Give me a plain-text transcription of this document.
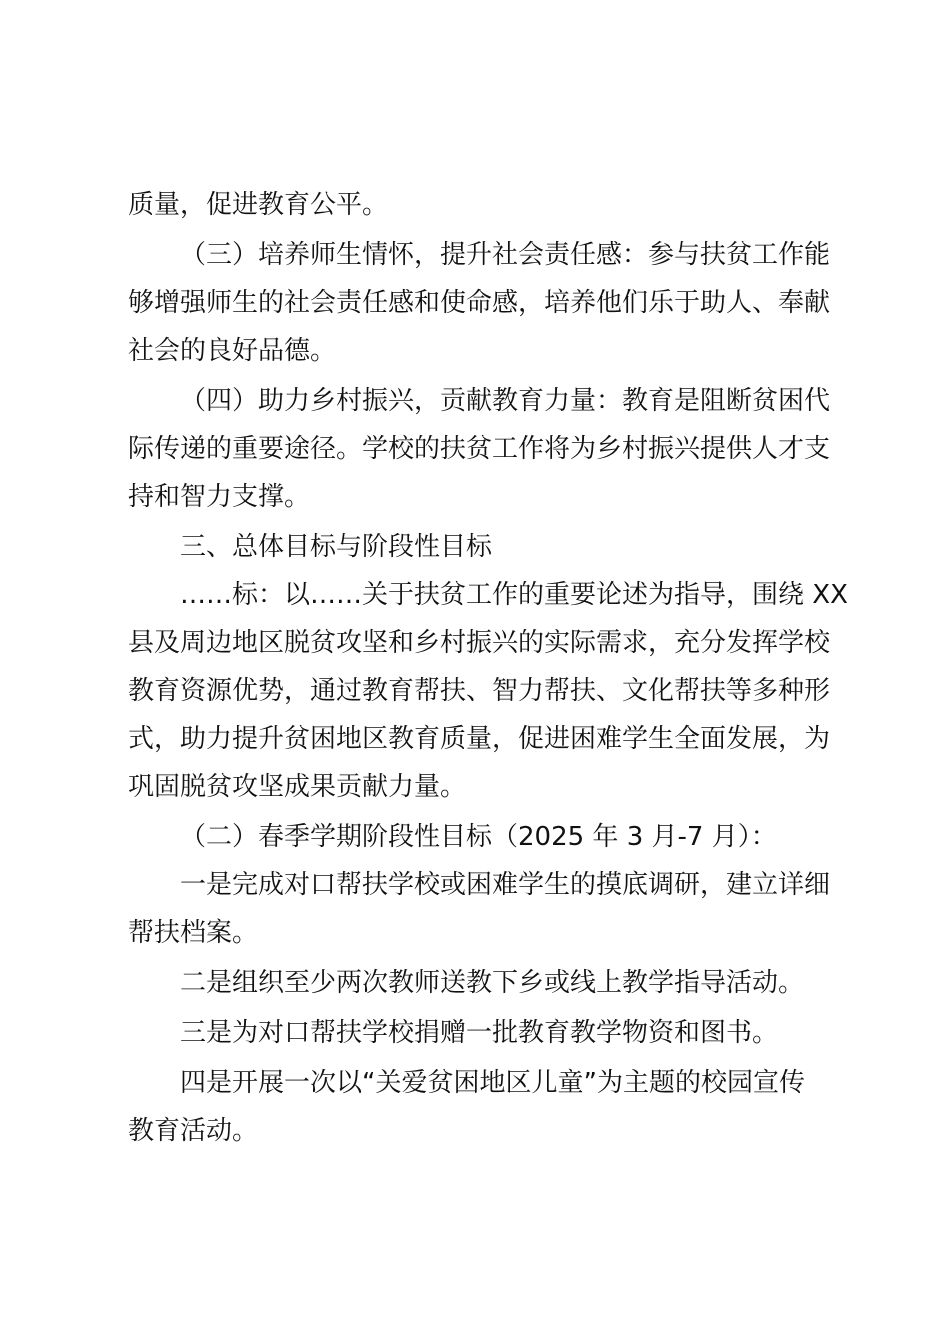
质量，促进教育公平。

（三）培养师生情怀，提升社会责任感：参与扶贫工作能

够增强师生的社会责任感和使命感，培养他们乐于助人、奉献

社会的良好品德。

（四）助力乡村振兴，贡献教育力量：教育是阻断贫困代

际传递的重要途径。学校的扶贫工作将为乡村振兴提供人才支

持和智力支撑。

三、总体目标与阶段性目标

……标：以……关于扶贫工作的重要论述为指导，围绕 XX

县及周边地区脱贫攻坚和乡村振兴的实际需求，充分发挥学校

教育资源优势，通过教育帮扶、智力帮扶、文化帮扶等多种形

式，助力提升贫困地区教育质量，促进困难学生全面发展，为

巩固脱贫攻坚成果贡献力量。

（二）春季学期阶段性目标（2025 年 3 月-7 月）：

一是完成对口帮扶学校或困难学生的摸底调研，建立详细

帮扶档案。

二是组织至少两次教师送教下乡或线上教学指导活动。

三是为对口帮扶学校捐赠一批教育教学物资和图书。

四是开展一次以“关爱贫困地区儿童”为主题的校园宣传

教育活动。
